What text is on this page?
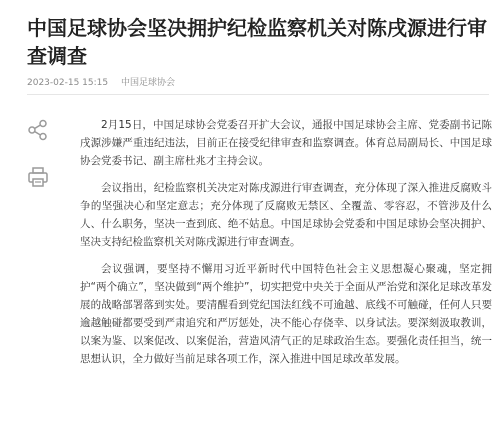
中国足球协会坚决拥护纪检监察机关对陈戌源进行审查调查
2023-02-15 15:15 中国足球协会

2月15日，中国足球协会党委召开扩大会议，通报中国足球协会主席、党委副书记陈戌源涉嫌严重违纪违法，目前正在接受纪律审查和监察调查。体育总局副局长、中国足球协会党委书记、副主席杜兆才主持会议。

会议指出，纪检监察机关决定对陈戌源进行审查调查，充分体现了深入推进反腐败斗争的坚强决心和坚定意志；充分体现了反腐败无禁区、全覆盖、零容忍，不管涉及什么人、什么职务，坚决一查到底、绝不姑息。中国足球协会党委和中国足球协会坚决拥护、坚决支持纪检监察机关对陈戌源进行审查调查。

会议强调，要坚持不懈用习近平新时代中国特色社会主义思想凝心聚魂，坚定拥护“两个确立”，坚决做到“两个维护”，切实把党中央关于全面从严治党和深化足球改革发展的战略部署落到实处。要清醒看到党纪国法红线不可逾越、底线不可触碰，任何人只要逾越触碰都要受到严肃追究和严厉惩处，决不能心存侥幸、以身试法。要深刻汲取教训，以案为鉴、以案促改、以案促治，营造风清气正的足球政治生态。要强化责任担当，统一思想认识，全力做好当前足球各项工作，深入推进中国足球改革发展。
